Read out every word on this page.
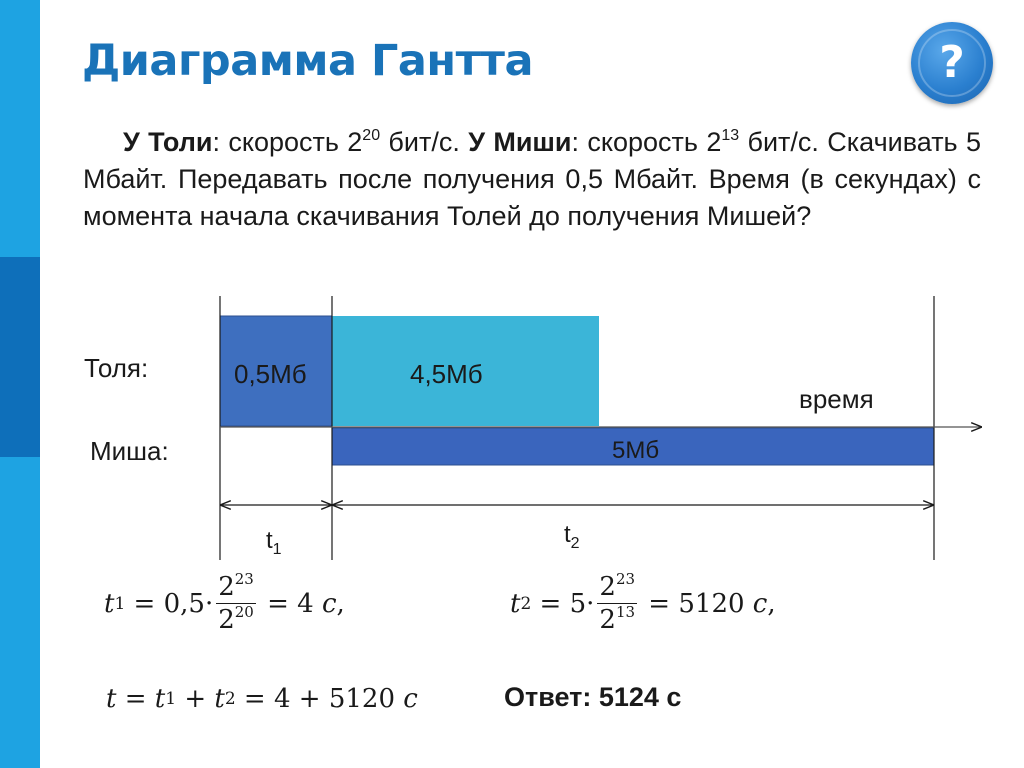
Диаграмма Гантта	?

У Толи: скорость $2^{20}$ бит/с. У Миши: скорость $2^{13}$ бит/с. Скачивать 5 Мбайт. Передавать после получения 0,5 Мбайт. Время (в секундах) с момента начала скачивания Толей до получения Мишей?

Толя:
Миша:
0,5Мб	4,5Мб
5Мб
время
$t_1$
$t_2$
t $1 = 0,5\cdot \frac{2^{23}}{2^{20}} = 4$ c ,	t $2 = 5\cdot \frac{2^{23}}{2^{13}} = 5120$ c ,
t = t 1 + t 2 = 4 + 5120 c	Ответ: 5124 с
